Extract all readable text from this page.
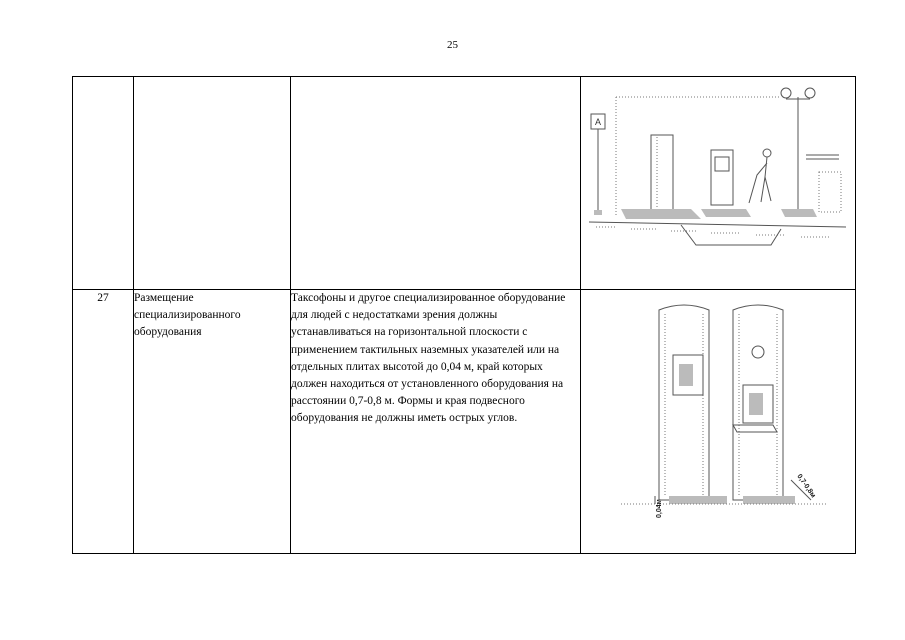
25

A

27	Размещение специализированного оборудования	Таксофоны и другое специализированное оборудование для людей с недостатками зрения должны устанавливаться на горизонтальной плоскости с применением тактильных наземных указателей или на отдельных плитах высотой до 0,04 м, край которых должен находиться от установленного оборудования на расстоянии 0,7-0,8 м. Формы и края подвесного оборудования не должны иметь острых углов.	0,04м
0,7-0,8м
